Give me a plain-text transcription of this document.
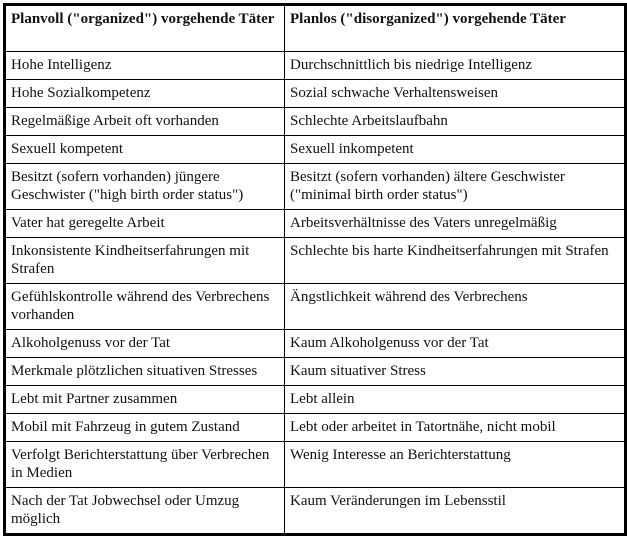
Planvoll ("organized") vorgehende Täter	Planlos ("disorganized") vorgehende Täter
Hohe Intelligenz	Durchschnittlich bis niedrige Intelligenz
Hohe Sozialkompetenz	Sozial schwache Verhaltensweisen
Regelmäßige Arbeit oft vorhanden	Schlechte Arbeitslaufbahn
Sexuell kompetent	Sexuell inkompetent
Besitzt (sofern vorhanden) jüngere Geschwister ("high birth order status")	Besitzt (sofern vorhanden) ältere Geschwister ("minimal birth order status")
Vater hat geregelte Arbeit	Arbeitsverhältnisse des Vaters unregelmäßig
Inkonsistente Kindheitserfahrungen mit Strafen	Schlechte bis harte Kindheitserfahrungen mit Strafen
Gefühlskontrolle während des Verbrechens vorhanden	Ängstlichkeit während des Verbrechens
Alkoholgenuss vor der Tat	Kaum Alkoholgenuss vor der Tat
Merkmale plötzlichen situativen Stresses	Kaum situativer Stress
Lebt mit Partner zusammen	Lebt allein
Mobil mit Fahrzeug in gutem Zustand	Lebt oder arbeitet in Tatortnähe, nicht mobil
Verfolgt Berichterstattung über Verbrechen in Medien	Wenig Interesse an Berichterstattung
Nach der Tat Jobwechsel oder Umzug möglich	Kaum Veränderungen im Lebensstil
